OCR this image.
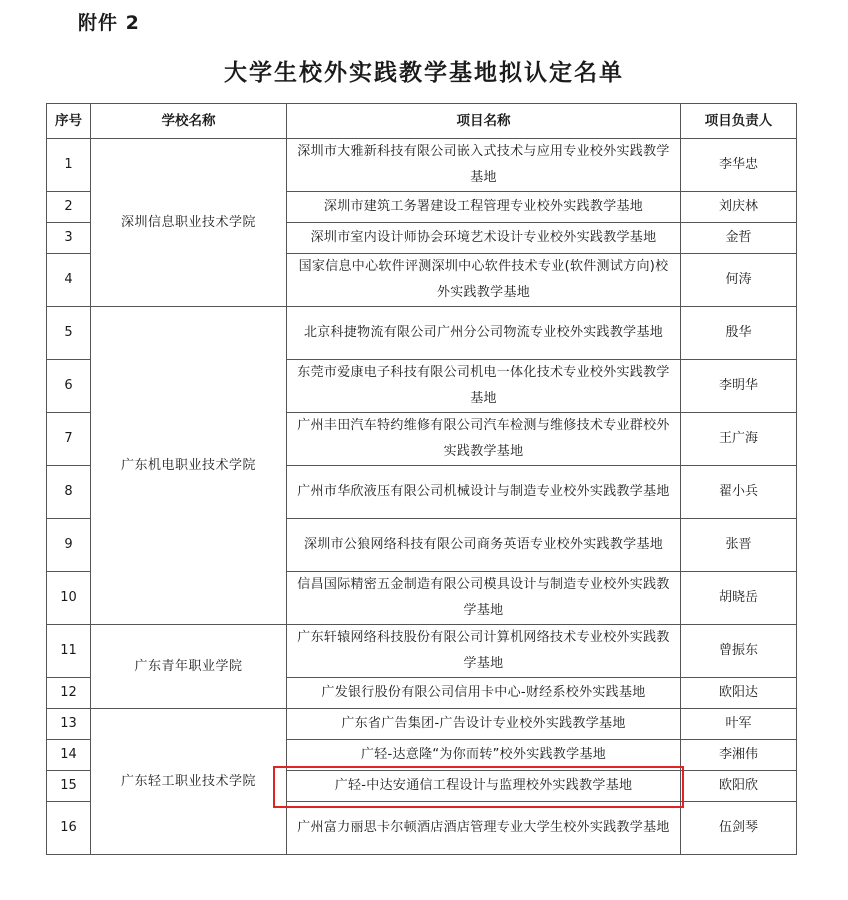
附件 2
大学生校外实践教学基地拟认定名单
序号	学校名称	项目名称	项目负责人
1	深圳信息职业技术学院	深圳市大雅新科技有限公司嵌入式技术与应用专业校外实践教学基地	李华忠
2		深圳市建筑工务署建设工程管理专业校外实践教学基地	刘庆林
3		深圳市室内设计师协会环境艺术设计专业校外实践教学基地	金哲
4		国家信息中心软件评测深圳中心软件技术专业(软件测试方向)校外实践教学基地	何涛
5	广东机电职业技术学院	北京科捷物流有限公司广州分公司物流专业校外实践教学基地	殷华
6		东莞市爱康电子科技有限公司机电一体化技术专业校外实践教学基地	李明华
7		广州丰田汽车特约维修有限公司汽车检测与维修技术专业群校外实践教学基地	王广海
8		广州市华欣液压有限公司机械设计与制造专业校外实践教学基地	翟小兵
9		深圳市公狼网络科技有限公司商务英语专业校外实践教学基地	张晋
10		信昌国际精密五金制造有限公司模具设计与制造专业校外实践教学基地	胡晓岳
11	广东青年职业学院	广东轩辕网络科技股份有限公司计算机网络技术专业校外实践教学基地	曾振东
12		广发银行股份有限公司信用卡中心-财经系校外实践基地	欧阳达
13	广东轻工职业技术学院	广东省广告集团-广告设计专业校外实践教学基地	叶军
14		广轻-达意隆“为你而转”校外实践教学基地	李湘伟
15		广轻-中达安通信工程设计与监理校外实践教学基地	欧阳欣
16		广州富力丽思卡尔顿酒店酒店管理专业大学生校外实践教学基地	伍剑琴
